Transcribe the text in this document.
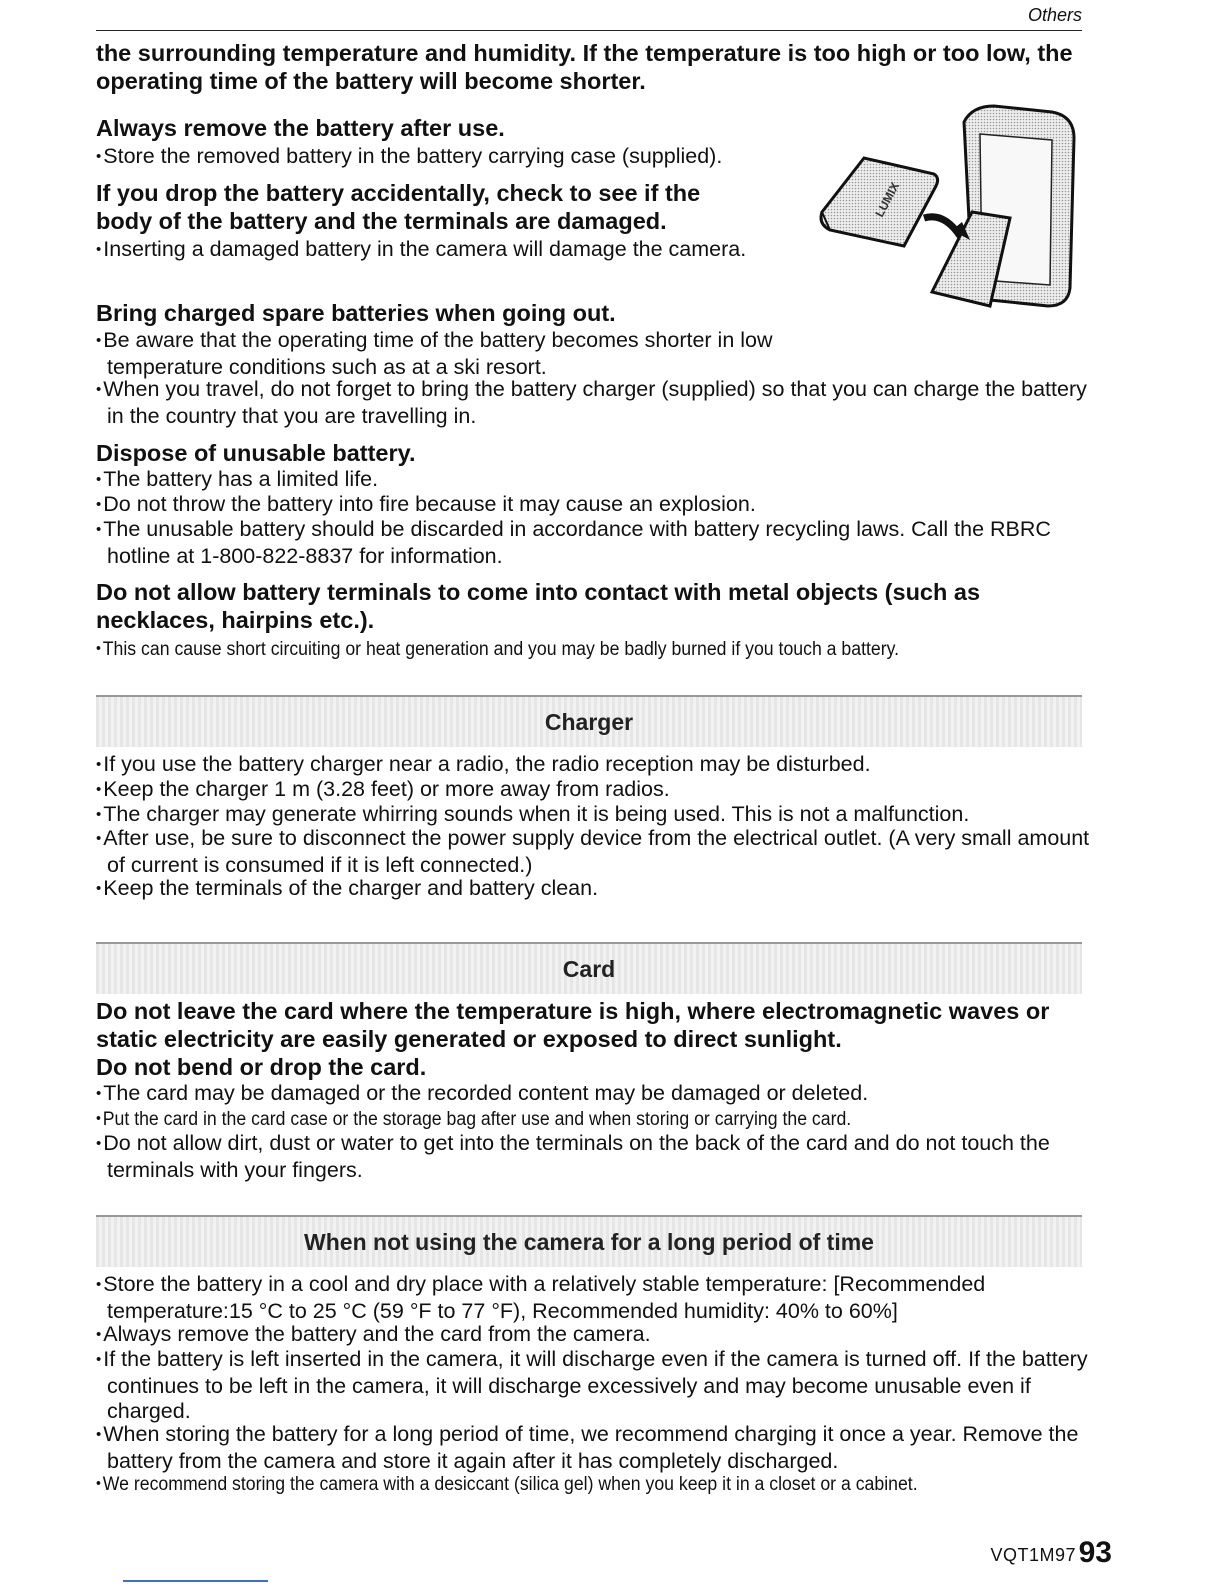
Others

the surrounding temperature and humidity. If the temperature is too high or too low, the operating time of the battery will become shorter.

Always remove the battery after use.

• Store the removed battery in the battery carrying case (supplied).

If you drop the battery accidentally, check to see if the

body of the battery and the terminals are damaged.

• Inserting a damaged battery in the camera will damage the camera.

LUMIX

Bring charged spare batteries when going out.

• Be aware that the operating time of the battery becomes shorter in low temperature conditions such as at a ski resort.

• When you travel, do not forget to bring the battery charger (supplied) so that you can charge the battery in the country that you are travelling in.

Dispose of unusable battery.

• The battery has a limited life.

• Do not throw the battery into fire because it may cause an explosion.

• The unusable battery should be discarded in accordance with battery recycling laws. Call the RBRC hotline at 1-800-822-8837 for information.

Do not allow battery terminals to come into contact with metal objects (such as necklaces, hairpins etc.).

• This can cause short circuiting or heat generation and you may be badly burned if you touch a battery.

Charger

• If you use the battery charger near a radio, the radio reception may be disturbed.

• Keep the charger 1 m (3.28 feet) or more away from radios.

• The charger may generate whirring sounds when it is being used. This is not a malfunction.

• After use, be sure to disconnect the power supply device from the electrical outlet. (A very small amount of current is consumed if it is left connected.)

• Keep the terminals of the charger and battery clean.

Card

Do not leave the card where the temperature is high, where electromagnetic waves or static electricity are easily generated or exposed to direct sunlight.

Do not bend or drop the card.

• The card may be damaged or the recorded content may be damaged or deleted.

• Put the card in the card case or the storage bag after use and when storing or carrying the card.

• Do not allow dirt, dust or water to get into the terminals on the back of the card and do not touch the terminals with your fingers.

When not using the camera for a long period of time

• Store the battery in a cool and dry place with a relatively stable temperature: [Recommended temperature:15 °C to 25 °C (59 °F to 77 °F), Recommended humidity: 40% to 60%]

• Always remove the battery and the card from the camera.

• If the battery is left inserted in the camera, it will discharge even if the camera is turned off. If the battery continues to be left in the camera, it will discharge excessively and may become unusable even if charged.

• When storing the battery for a long period of time, we recommend charging it once a year. Remove the battery from the camera and store it again after it has completely discharged.

• We recommend storing the camera with a desiccant (silica gel) when you keep it in a closet or a cabinet.

VQT1M97 93
